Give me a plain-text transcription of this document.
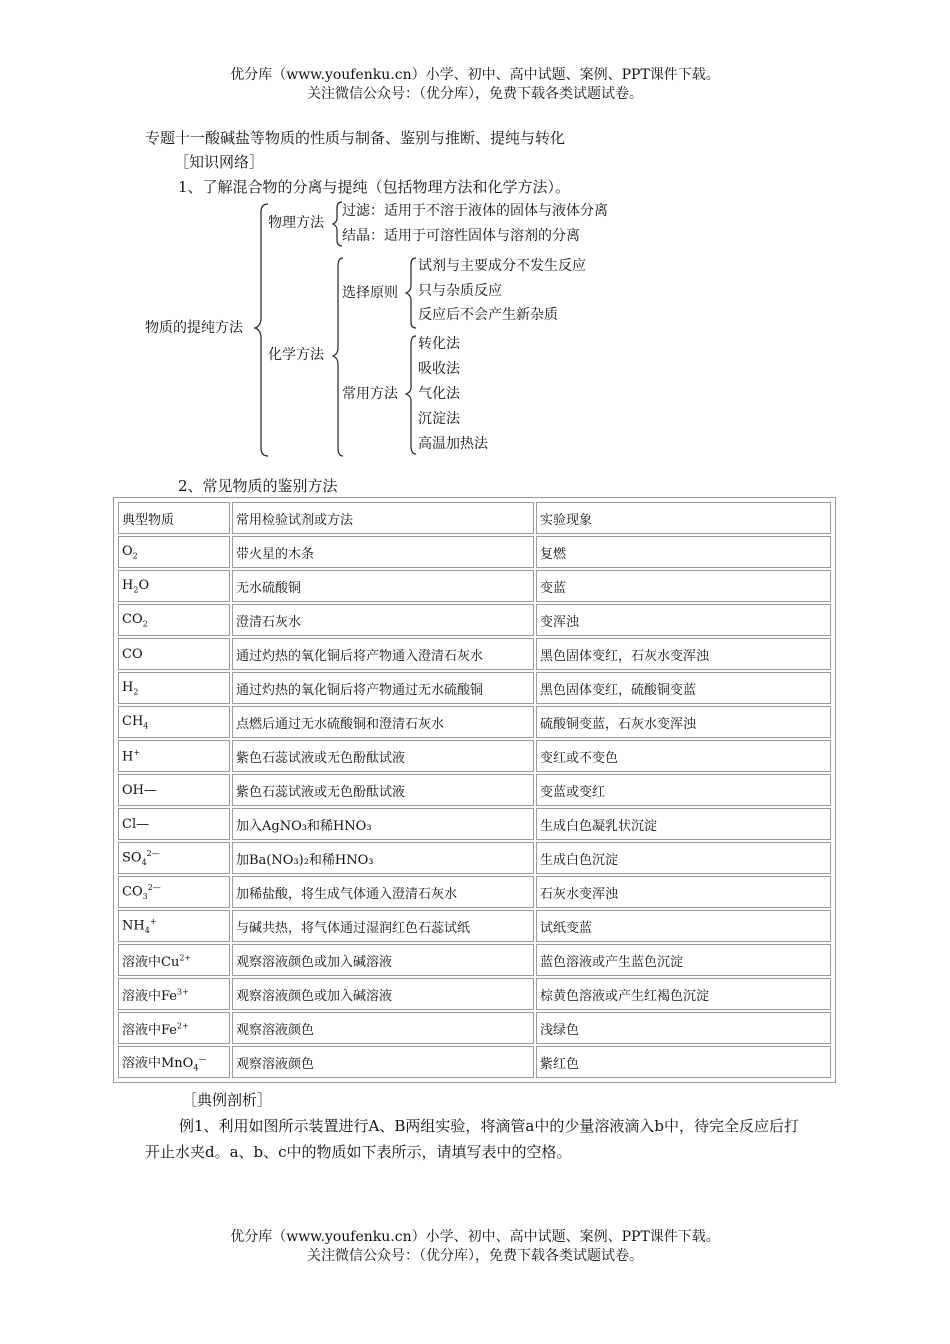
优分库（www.youfenku.cn）小学、初中、高中试题、案例、PPT课件下载。
关注微信公众号：（优分库），免费下载各类试题试卷。
专题十一酸碱盐等物质的性质与制备、鉴别与推断、提纯与转化
［知识网络］
1、了解混合物的分离与提纯（包括物理方法和化学方法）。
物质的提纯方法
物理方法
过滤：适用于不溶于液体的固体与液体分离
结晶：适用于可溶性固体与溶剂的分离
化学方法
选择原则
试剂与主要成分不发生反应
只与杂质反应
反应后不会产生新杂质
常用方法
转化法
吸收法
气化法
沉淀法
高温加热法
2、常见物质的鉴别方法
典型物质	常用检验试剂或方法	实验现象
$O_2$	带火星的木条	复燃
$H_2O$	无水硫酸铜	变蓝
$CO_2$	澄清石灰水	变浑浊
CO	通过灼热的氧化铜后将产物通入澄清石灰水	黑色固体变红，石灰水变浑浊
$H_2$	通过灼热的氧化铜后将产物通过无水硫酸铜	黑色固体变红，硫酸铜变蓝
$CH_4$	点燃后通过无水硫酸铜和澄清石灰水	硫酸铜变蓝，石灰水变浑浊
H+	紫色石蕊试液或无色酚酞试液	变红或不变色
OH—	紫色石蕊试液或无色酚酞试液	变蓝或变红
Cl—	加入AgNO₃和稀HNO₃	生成白色凝乳状沉淀
$SO_4^{2—}$	加Ba(NO₃)₂和稀HNO₃	生成白色沉淀
$CO_3^{2—}$	加稀盐酸，将生成气体通入澄清石灰水	石灰水变浑浊
$NH_4^+$	与碱共热，将气体通过湿润红色石蕊试纸	试纸变蓝
溶液中$Cu^{2+}$	观察溶液颜色或加入碱溶液	蓝色溶液或产生蓝色沉淀
溶液中$Fe^{3+}$	观察溶液颜色或加入碱溶液	棕黄色溶液或产生红褐色沉淀
溶液中$Fe^{2+}$	观察溶液颜色	浅绿色
溶液中MnO$_4$—	观察溶液颜色	紫红色
［典例剖析］
例1、利用如图所示装置进行A、B两组实验，将滴管a中的少量溶液滴入b中，待完全反应后打开止水夹d。a、b、c中的物质如下表所示，请填写表中的空格。
优分库（www.youfenku.cn）小学、初中、高中试题、案例、PPT课件下载。
关注微信公众号：（优分库），免费下载各类试题试卷。
